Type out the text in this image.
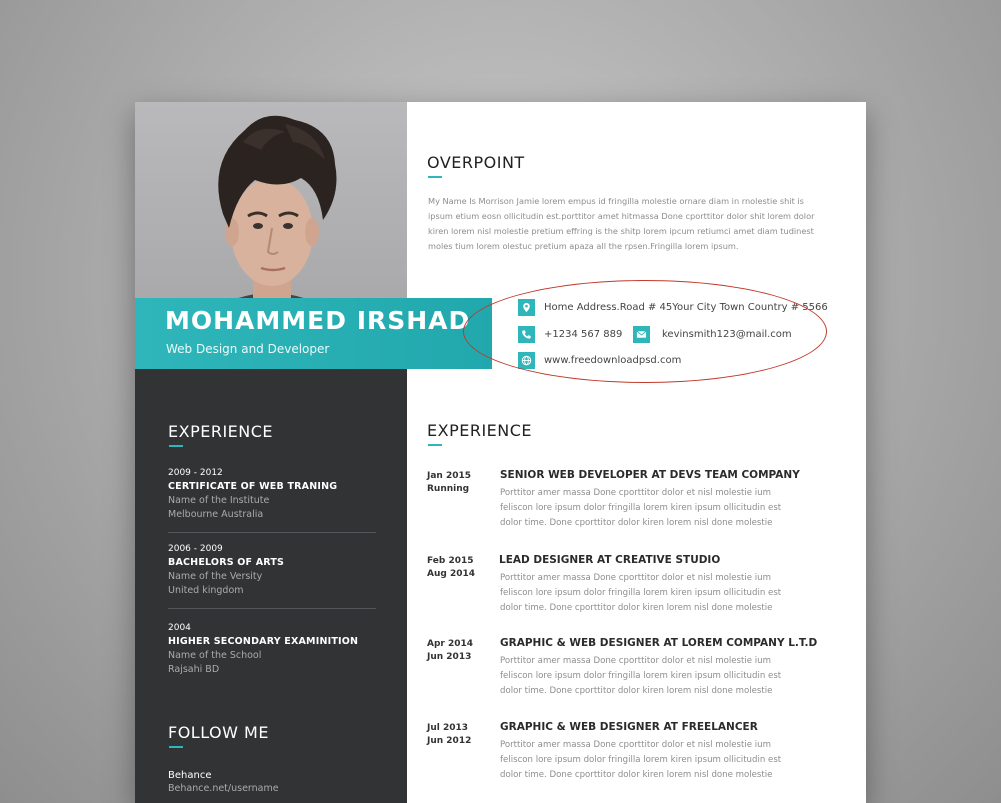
MOHAMMED IRSHAD
Web Design and Developer
EXPERIENCE
2009 - 2012
CERTIFICATE OF WEB TRANING
Name of the Institute
Melbourne Australia
2006 - 2009
BACHELORS OF ARTS
Name of the Versity
United kingdom
2004
HIGHER SECONDARY EXAMINITION
Name of the School
Rajsahi BD
FOLLOW ME
Behance
Behance.net/username
OVERPOINT
My Name Is Morrison Jamie lorem empus id fringilla molestie ornare diam in rnolestie shit is ipsum etium eosn ollicitudin est.porttitor amet hitmassa Done cporttitor dolor shit lorem dolor kiren lorem nisl molestie pretium effring is the shitp lorem ipcum retiumci amet diam tudinest moles tium lorem olestuc pretium apaza all the rpsen.Fringilla lorem ipsum.
Home Address.Road # 45Your City Town Country # 5566
+1234 567 889	kevinsmith123@mail.com
www.freedownloadpsd.com
EXPERIENCE
Jan 2015
Running
SENIOR WEB DEVELOPER AT DEVS TEAM COMPANY
Porttitor amer massa Done cporttitor dolor et nisl molestie ium feliscon lore ipsum dolor fringilla lorem kiren ipsum ollicitudin est dolor time. Done cporttitor dolor kiren lorem nisl done molestie
Feb 2015
Aug 2014
LEAD DESIGNER AT CREATIVE STUDIO
Porttitor amer massa Done cporttitor dolor et nisl molestie ium feliscon lore ipsum dolor fringilla lorem kiren ipsum ollicitudin est dolor time. Done cporttitor dolor kiren lorem nisl done molestie
Apr 2014
Jun 2013
GRAPHIC & WEB DESIGNER AT LOREM COMPANY L.T.D
Porttitor amer massa Done cporttitor dolor et nisl molestie ium feliscon lore ipsum dolor fringilla lorem kiren ipsum ollicitudin est dolor time. Done cporttitor dolor kiren lorem nisl done molestie
Jul 2013
Jun 2012
GRAPHIC & WEB DESIGNER AT FREELANCER
Porttitor amer massa Done cporttitor dolor et nisl molestie ium feliscon lore ipsum dolor fringilla lorem kiren ipsum ollicitudin est dolor time. Done cporttitor dolor kiren lorem nisl done molestie
